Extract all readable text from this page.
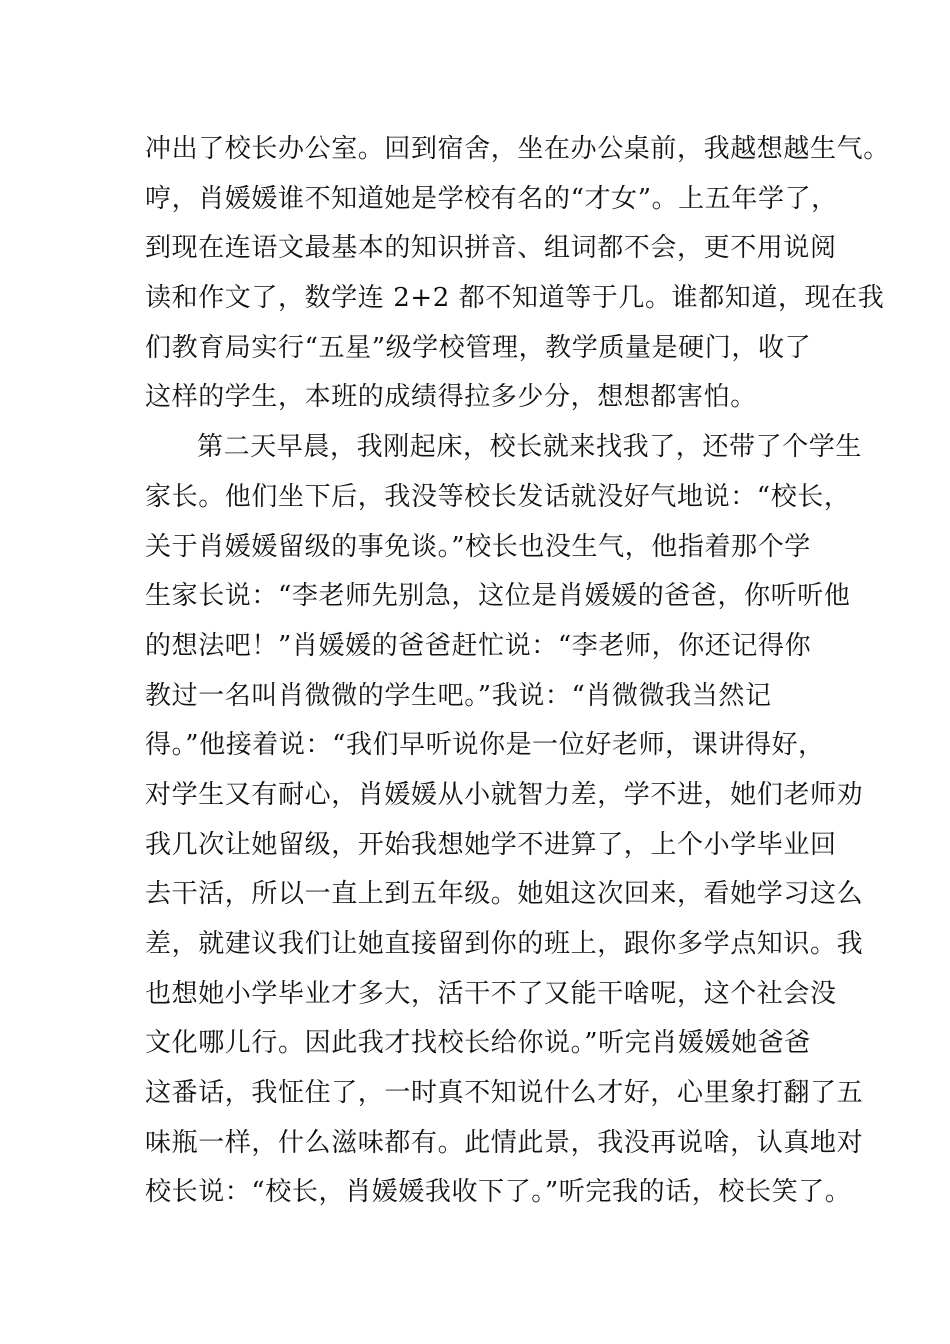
冲出了校长办公室。回到宿舍，坐在办公桌前，我越想越生气。
哼，肖媛媛谁不知道她是学校有名的“才女”。上五年学了，
到现在连语文最基本的知识拼音、组词都不会，更不用说阅
读和作文了，数学连 2+2 都不知道等于几。谁都知道，现在我
们教育局实行“五星”级学校管理，教学质量是硬门，收了
这样的学生，本班的成绩得拉多少分，想想都害怕。
第二天早晨，我刚起床，校长就来找我了，还带了个学生
家长。他们坐下后，我没等校长发话就没好气地说：“校长，
关于肖媛媛留级的事免谈。”校长也没生气，他指着那个学
生家长说：“李老师先别急，这位是肖媛媛的爸爸，你听听他
的想法吧！”肖媛媛的爸爸赶忙说：“李老师，你还记得你
教过一名叫肖微微的学生吧。”我说：“肖微微我当然记
得。”他接着说：“我们早听说你是一位好老师，课讲得好，
对学生又有耐心，肖媛媛从小就智力差，学不进，她们老师劝
我几次让她留级，开始我想她学不进算了，上个小学毕业回
去干活，所以一直上到五年级。她姐这次回来，看她学习这么
差，就建议我们让她直接留到你的班上，跟你多学点知识。我
也想她小学毕业才多大，活干不了又能干啥呢，这个社会没
文化哪儿行。因此我才找校长给你说。”听完肖媛媛她爸爸
这番话，我怔住了，一时真不知说什么才好，心里象打翻了五
味瓶一样，什么滋味都有。此情此景，我没再说啥，认真地对
校长说：“校长，肖媛媛我收下了。”听完我的话，校长笑了。
